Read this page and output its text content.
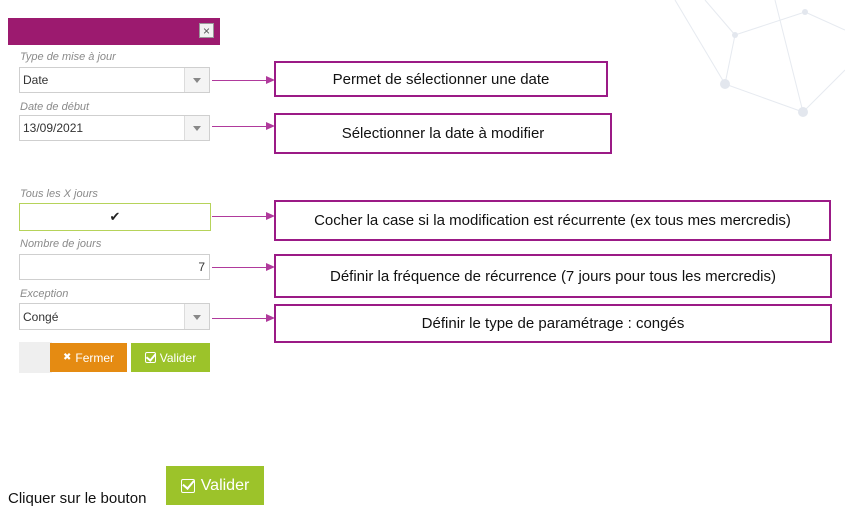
×
Type de mise à jour
Date
Date de début
13/09/2021
Tous les X jours
✔
Nombre de jours
7
Exception
Congé
✖ Fermer	Valider
Permet de sélectionner une date
Sélectionner la date à modifier
Cocher la case si la modification est récurrente (ex tous mes mercredis)
Définir la fréquence de récurrence (7 jours pour tous les mercredis)
Définir le type de paramétrage : congés
Cliquer sur le bouton
Valider
